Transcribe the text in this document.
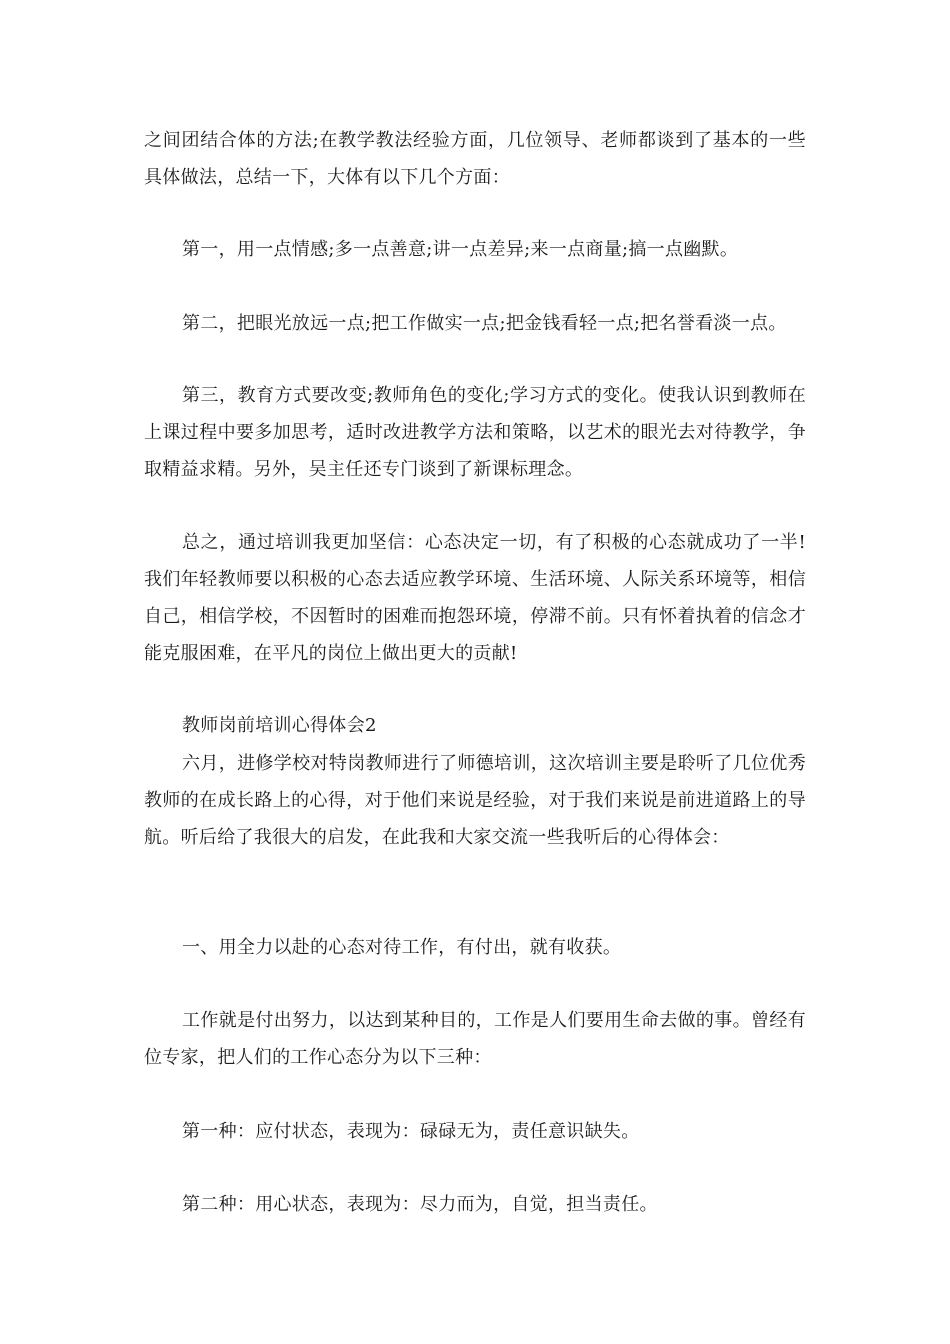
之间团结合体的方法;在教学教法经验方面，几位领导、老师都谈到了基本的一些具体做法，总结一下，大体有以下几个方面：

第一，用一点情感;多一点善意;讲一点差异;来一点商量;搞一点幽默。

第二，把眼光放远一点;把工作做实一点;把金钱看轻一点;把名誉看淡一点。

第三，教育方式要改变;教师角色的变化;学习方式的变化。使我认识到教师在上课过程中要多加思考，适时改进教学方法和策略，以艺术的眼光去对待教学，争取精益求精。另外，吴主任还专门谈到了新课标理念。

总之，通过培训我更加坚信：心态决定一切，有了积极的心态就成功了一半!我们年轻教师要以积极的心态去适应教学环境、生活环境、人际关系环境等，相信自己，相信学校，不因暂时的困难而抱怨环境，停滞不前。只有怀着执着的信念才能克服困难，在平凡的岗位上做出更大的贡献!

教师岗前培训心得体会2

六月，进修学校对特岗教师进行了师德培训，这次培训主要是聆听了几位优秀教师的在成长路上的心得，对于他们来说是经验，对于我们来说是前进道路上的导航。听后给了我很大的启发，在此我和大家交流一些我听后的心得体会：

一、用全力以赴的心态对待工作，有付出，就有收获。

工作就是付出努力，以达到某种目的，工作是人们要用生命去做的事。曾经有位专家，把人们的工作心态分为以下三种：

第一种：应付状态，表现为：碌碌无为，责任意识缺失。

第二种：用心状态，表现为：尽力而为，自觉，担当责任。
